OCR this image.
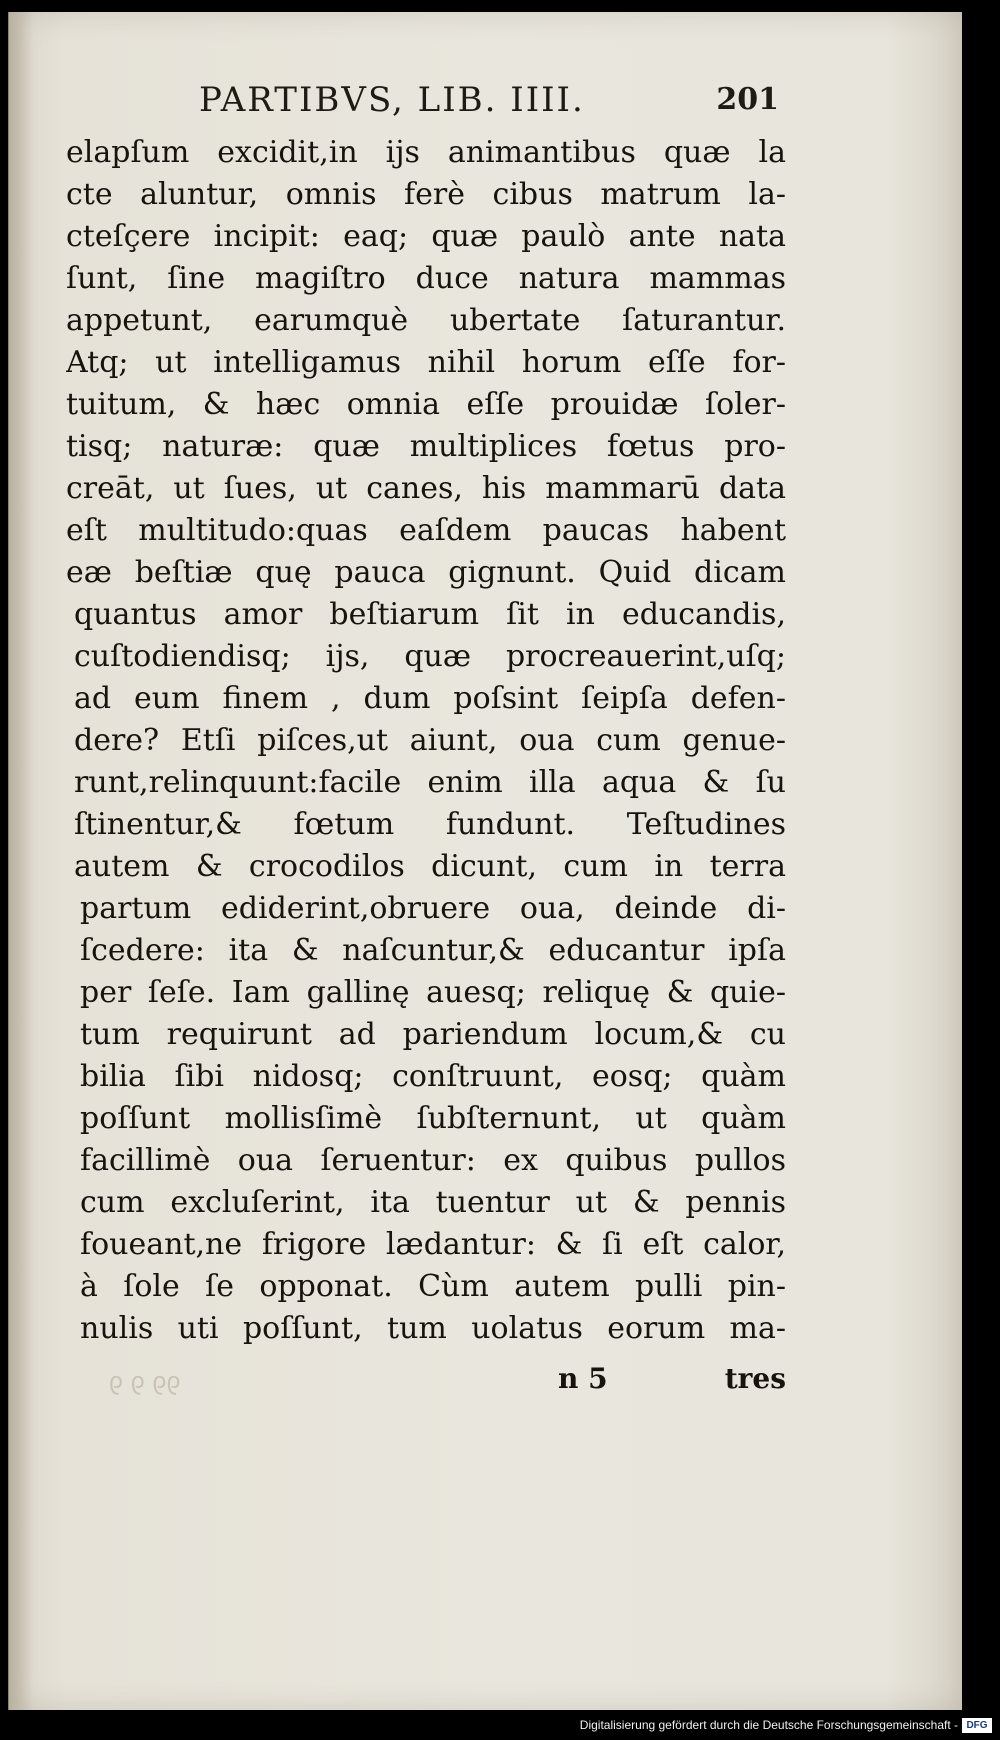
PARTIBVS, LIB. IIII.	201
elapſum excidit,in ijs animantibus quæ la
cte aluntur, omnis ferè cibus matrum la-
cteſçere incipit: eaq; quæ paulò ante nata
ſunt, ſine magiſtro duce natura mammas
appetunt, earumquè ubertate ſaturantur.
Atq; ut intelligamus nihil horum eſſe for-
tuitum, & hæc omnia eſſe prouidæ ſoler-
tisq; naturæ: quæ multiplices fœtus pro-
creāt, ut ſues, ut canes, his mammarū data
eſt multitudo:quas eaſdem paucas habent
eæ beſtiæ quę pauca gignunt. Quid dicam
quantus amor beſtiarum ſit in educandis,
cuſtodiendisq; ijs, quæ procreauerint,uſq;
ad eum finem , dum poſsint ſeipſa defen-
dere? Etſi piſces,ut aiunt, oua cum genue-
runt,relinquunt:facile enim illa aqua & ſu
ſtinentur,& fœtum fundunt. Teſtudines
autem & crocodilos dicunt, cum in terra
partum ediderint,obruere oua, deinde di-
ſcedere: ita & naſcuntur,& educantur ipſa
per ſeſe. Iam gallinę auesq; reliquę & quie-
tum requirunt ad pariendum locum,& cu
bilia ſibi nidosq; conſtruunt, eosq; quàm
poſſunt mollisſimè ſubſternunt, ut quàm
facillimè oua ſeruentur: ex quibus pullos
cum excluſerint, ita tuentur ut & pennis
foueant,ne frigore lædantur: & ſi eſt calor,
à ſole ſe opponat. Cùm autem pulli pin-
nulis uti poſſunt, tum uolatus eorum ma-
n 5	tres
ꝯꝯ ꝯ ꝯ
Digitalisierung gefördert durch die Deutsche Forschungsgemeinschaft - DFG
